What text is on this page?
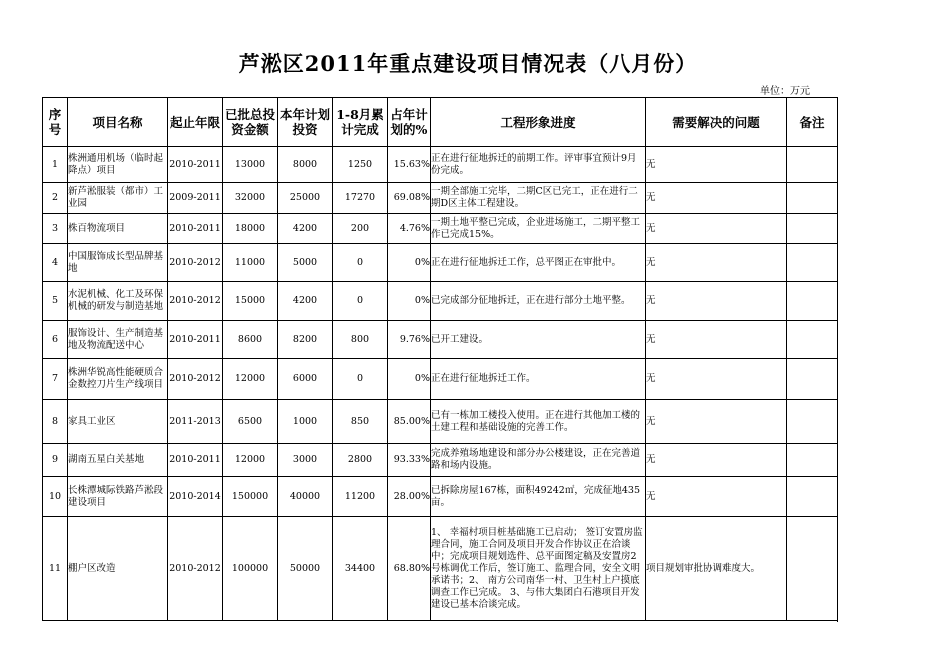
芦淞区2011年重点建设项目情况表（八月份）
单位：万元
序号	项目名称	起止年限	已批总投资金额	本年计划投资	1-8月累计完成	占年计划的%	工程形象进度	需要解决的问题	备注
1	株洲通用机场（临时起降点）项目	2010-2011	13000	8000	1250	15.63%	正在进行征地拆迁的前期工作。评审事宜预计9月份完成。	无	
2	新芦淞服装（都市）工业园	2009-2011	32000	25000	17270	69.08%	一期全部施工完毕，二期C区已完工，正在进行二期D区主体工程建设。	无	
3	株百物流项目	2010-2011	18000	4200	200	4.76%	一期土地平整已完成，企业进场施工，二期平整工作已完成15%。	无	
4	中国服饰成长型品牌基地	2010-2012	11000	5000	0	0%	正在进行征地拆迁工作，总平图正在审批中。	无	
5	水泥机械、化工及环保机械的研发与制造基地	2010-2012	15000	4200	0	0%	已完成部分征地拆迁，正在进行部分土地平整。	无	
6	服饰设计、生产制造基地及物流配送中心	2010-2011	8600	8200	800	9.76%	已开工建设。	无	
7	株洲华锐高性能硬质合金数控刀片生产线项目	2010-2012	12000	6000	0	0%	正在进行征地拆迁工作。	无	
8	家具工业区	2011-2013	6500	1000	850	85.00%	已有一栋加工楼投入使用。正在进行其他加工楼的土建工程和基础设施的完善工作。	无	
9	湖南五星白关基地	2010-2011	12000	3000	2800	93.33%	完成养殖场地建设和部分办公楼建设，正在完善道路和场内设施。	无	
10	长株潭城际铁路芦淞段建设项目	2010-2014	150000	40000	11200	28.00%	已拆除房屋167栋，面积49242㎡，完成征地435亩。	无	
11	棚户区改造	2010-2012	100000	50000	34400	68.80%	1、 幸福村项目桩基础施工已启动； 签订安置房监理合同，施工合同及项目开发合作协议正在洽谈中；完成项目规划选件、总平面图定稿及安置房2号栋调优工作后，签订施工、监理合同，安全文明承诺书；2、 南方公司南华一村、卫生村上户摸底调查工作已完成。 3、与伟大集团白石港项目开发建设已基本洽谈完成。	项目规划审批协调难度大。	
